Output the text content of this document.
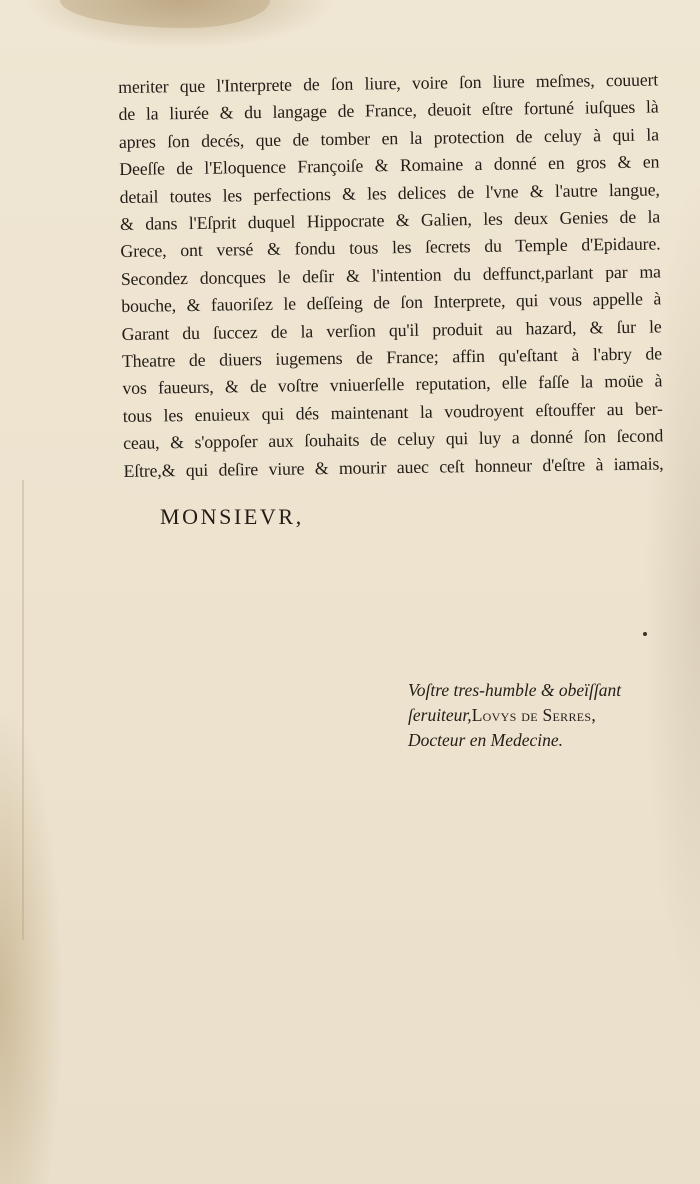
meriter que l'Interprete de ſon liure, voire ſon liure meſmes, couuert
de la liurée & du langage de France, deuoit eſtre fortuné iuſques là
apres ſon decés, que de tomber en la protection de celuy à qui la
Deeſſe de l'Eloquence Françoiſe & Romaine a donné en gros & en
detail toutes les perfections & les delices de l'vne & l'autre langue,
& dans l'Eſprit duquel Hippocrate & Galien, les deux Genies de la
Grece, ont versé & fondu tous les ſecrets du Temple d'Epidaure.
Secondez doncques le deſir & l'intention du deffunct,parlant par ma
bouche, & fauoriſez le deſſeing de ſon Interprete, qui vous appelle à
Garant du ſuccez de la verſion qu'il produit au hazard, & ſur le
Theatre de diuers iugemens de France; affin qu'eſtant à l'abry de
vos faueurs, & de voſtre vniuerſelle reputation, elle faſſe la moüe à
tous les enuieux qui dés maintenant la voudroyent eſtouffer au ber-
ceau, & s'oppoſer aux ſouhaits de celuy qui luy a donné ſon ſecond
Eſtre,& qui deſire viure & mourir auec ceſt honneur d'eſtre à iamais,
MONSIEVR,
Voſtre tres-humble & obeïſſant
ſeruiteur,Lovys de Serres,
Docteur en Medecine.
